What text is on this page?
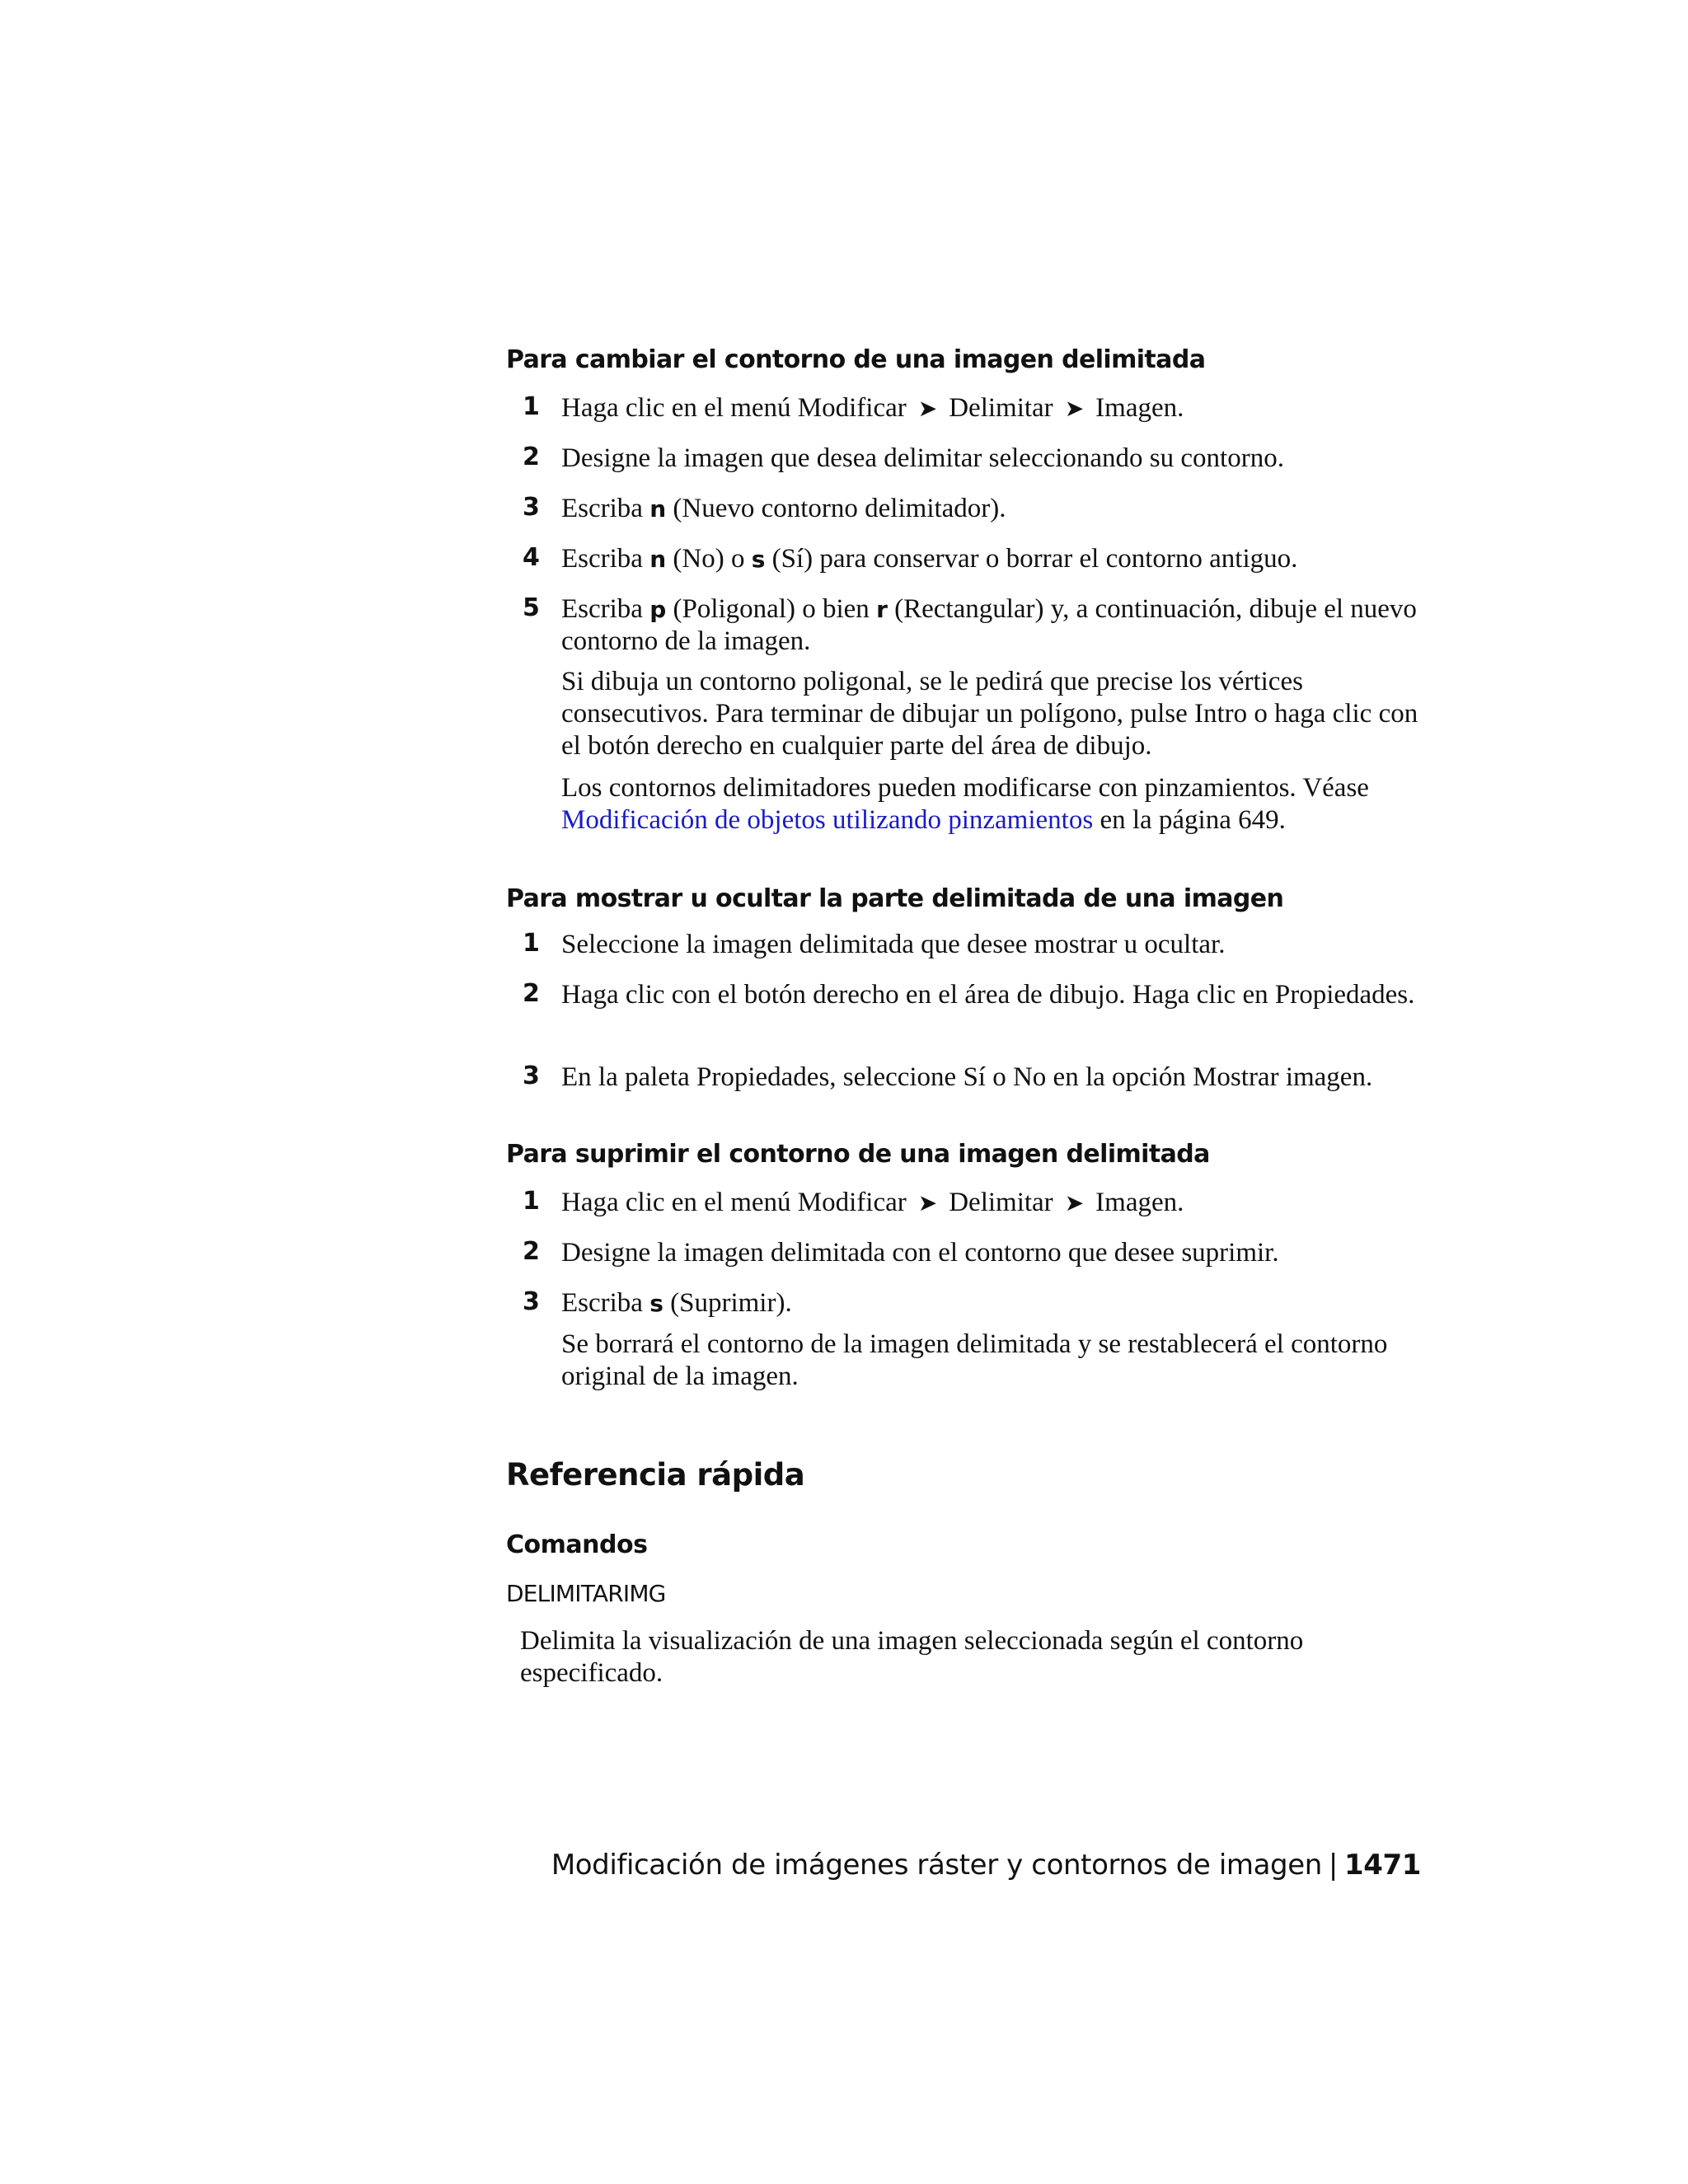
Para cambiar el contorno de una imagen delimitada
1 Haga clic en el menú Modificar ➤ Delimitar ➤ Imagen.
2 Designe la imagen que desea delimitar seleccionando su contorno.
3 Escriba n (Nuevo contorno delimitador).
4 Escriba n (No) o s (Sí) para conservar o borrar el contorno antiguo.
5 Escriba p (Poligonal) o bien r (Rectangular) y, a continuación, dibuje el nuevo contorno de la imagen.
Si dibuja un contorno poligonal, se le pedirá que precise los vértices consecutivos. Para terminar de dibujar un polígono, pulse Intro o haga clic con el botón derecho en cualquier parte del área de dibujo.
Los contornos delimitadores pueden modificarse con pinzamientos. Véase Modificación de objetos utilizando pinzamientos en la página 649.
Para mostrar u ocultar la parte delimitada de una imagen
1 Seleccione la imagen delimitada que desee mostrar u ocultar.
2 Haga clic con el botón derecho en el área de dibujo. Haga clic en Propiedades.
3 En la paleta Propiedades, seleccione Sí o No en la opción Mostrar imagen.
Para suprimir el contorno de una imagen delimitada
1 Haga clic en el menú Modificar ➤ Delimitar ➤ Imagen.
2 Designe la imagen delimitada con el contorno que desee suprimir.
3 Escriba s (Suprimir).
Se borrará el contorno de la imagen delimitada y se restablecerá el contorno original de la imagen.
Referencia rápida
Comandos
DELIMITARIMG
Delimita la visualización de una imagen seleccionada según el contorno especificado.
Modificación de imágenes ráster y contornos de imagen | 1471
